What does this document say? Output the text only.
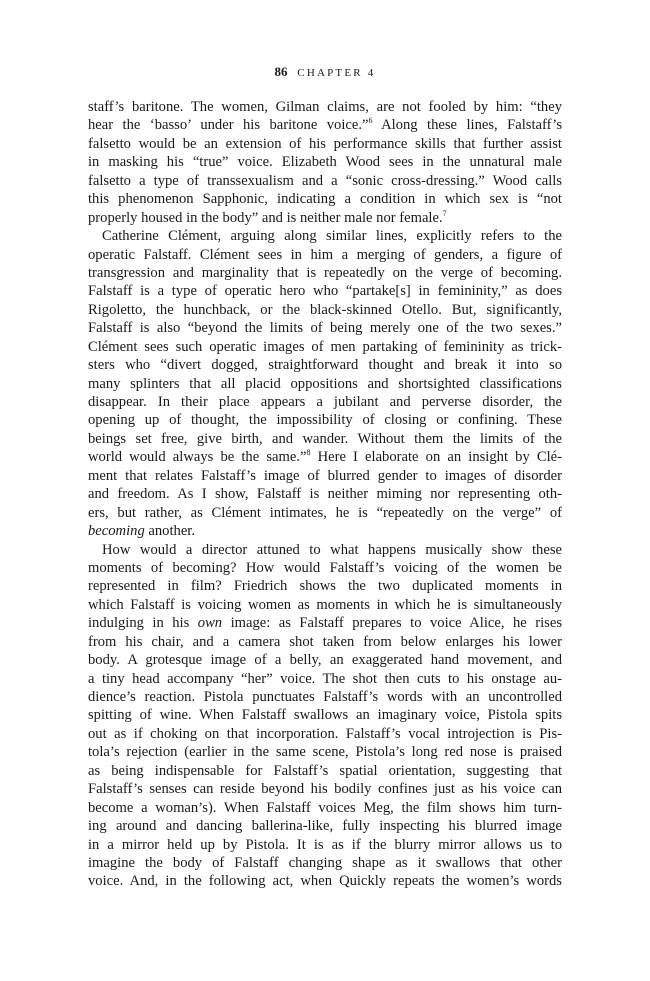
86 CHAPTER 4
staff’s baritone. The women, Gilman claims, are not fooled by him: “they
hear the ‘basso’ under his baritone voice.”$^6$ Along these lines, Falstaff’s
falsetto would be an extension of his performance skills that further assist
in masking his “true” voice. Elizabeth Wood sees in the unnatural male
falsetto a type of transsexualism and a “sonic cross-dressing.” Wood calls
this phenomenon Sapphonic, indicating a condition in which sex is “not
properly housed in the body” and is neither male nor female.$^7$
Catherine Clément, arguing along similar lines, explicitly refers to the
operatic Falstaff. Clément sees in him a merging of genders, a figure of
transgression and marginality that is repeatedly on the verge of becoming.
Falstaff is a type of operatic hero who “partake[s] in femininity,” as does
Rigoletto, the hunchback, or the black-skinned Otello. But, significantly,
Falstaff is also “beyond the limits of being merely one of the two sexes.”
Clément sees such operatic images of men partaking of femininity as trick-
sters who “divert dogged, straightforward thought and break it into so
many splinters that all placid oppositions and shortsighted classifications
disappear. In their place appears a jubilant and perverse disorder, the
opening up of thought, the impossibility of closing or confining. These
beings set free, give birth, and wander. Without them the limits of the
world would always be the same.”$^8$ Here I elaborate on an insight by Clé-
ment that relates Falstaff’s image of blurred gender to images of disorder
and freedom. As I show, Falstaff is neither miming nor representing oth-
ers, but rather, as Clément intimates, he is “repeatedly on the verge” of
becoming another.
How would a director attuned to what happens musically show these
moments of becoming? How would Falstaff’s voicing of the women be
represented in film? Friedrich shows the two duplicated moments in
which Falstaff is voicing women as moments in which he is simultaneously
indulging in his own image: as Falstaff prepares to voice Alice, he rises
from his chair, and a camera shot taken from below enlarges his lower
body. A grotesque image of a belly, an exaggerated hand movement, and
a tiny head accompany “her” voice. The shot then cuts to his onstage au-
dience’s reaction. Pistola punctuates Falstaff’s words with an uncontrolled
spitting of wine. When Falstaff swallows an imaginary voice, Pistola spits
out as if choking on that incorporation. Falstaff’s vocal introjection is Pis-
tola’s rejection (earlier in the same scene, Pistola’s long red nose is praised
as being indispensable for Falstaff’s spatial orientation, suggesting that
Falstaff’s senses can reside beyond his bodily confines just as his voice can
become a woman’s). When Falstaff voices Meg, the film shows him turn-
ing around and dancing ballerina-like, fully inspecting his blurred image
in a mirror held up by Pistola. It is as if the blurry mirror allows us to
imagine the body of Falstaff changing shape as it swallows that other
voice. And, in the following act, when Quickly repeats the women’s words
